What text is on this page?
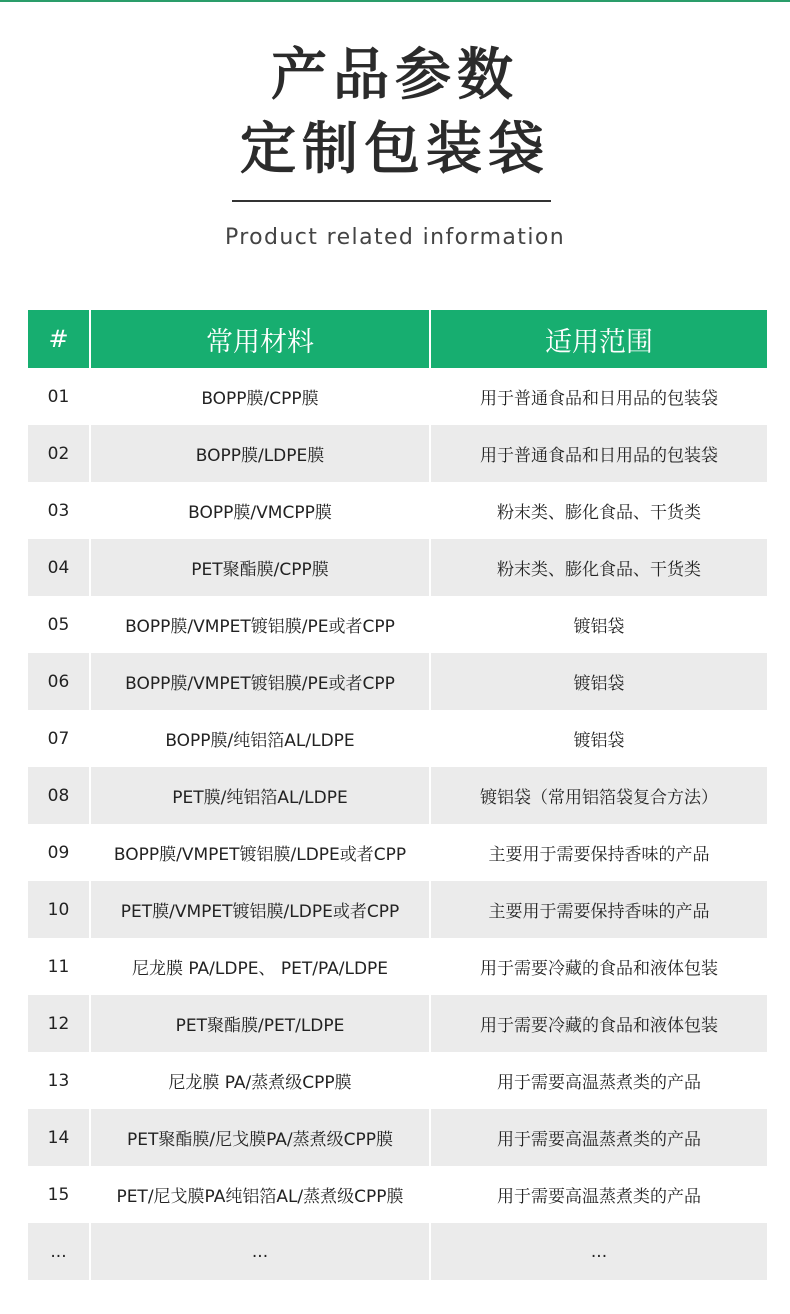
产品参数
定制包装袋
Product related information
#	常用材料	适用范围
01	BOPP膜/CPP膜	用于普通食品和日用品的包装袋
02	BOPP膜/LDPE膜	用于普通食品和日用品的包装袋
03	BOPP膜/VMCPP膜	粉末类、膨化食品、干货类
04	PET聚酯膜/CPP膜	粉末类、膨化食品、干货类
05	BOPP膜/VMPET镀铝膜/PE或者CPP	镀铝袋
06	BOPP膜/VMPET镀铝膜/PE或者CPP	镀铝袋
07	BOPP膜/纯铝箔AL/LDPE	镀铝袋
08	PET膜/纯铝箔AL/LDPE	镀铝袋（常用铝箔袋复合方法）
09	BOPP膜/VMPET镀铝膜/LDPE或者CPP	主要用于需要保持香味的产品
10	PET膜/VMPET镀铝膜/LDPE或者CPP	主要用于需要保持香味的产品
11	尼龙膜 PA/LDPE、 PET/PA/LDPE	用于需要冷藏的食品和液体包装
12	PET聚酯膜/PET/LDPE	用于需要冷藏的食品和液体包装
13	尼龙膜 PA/蒸煮级CPP膜	用于需要高温蒸煮类的产品
14	PET聚酯膜/尼戈膜PA/蒸煮级CPP膜	用于需要高温蒸煮类的产品
15	PET/尼戈膜PA纯铝箔AL/蒸煮级CPP膜	用于需要高温蒸煮类的产品
...	...	...
